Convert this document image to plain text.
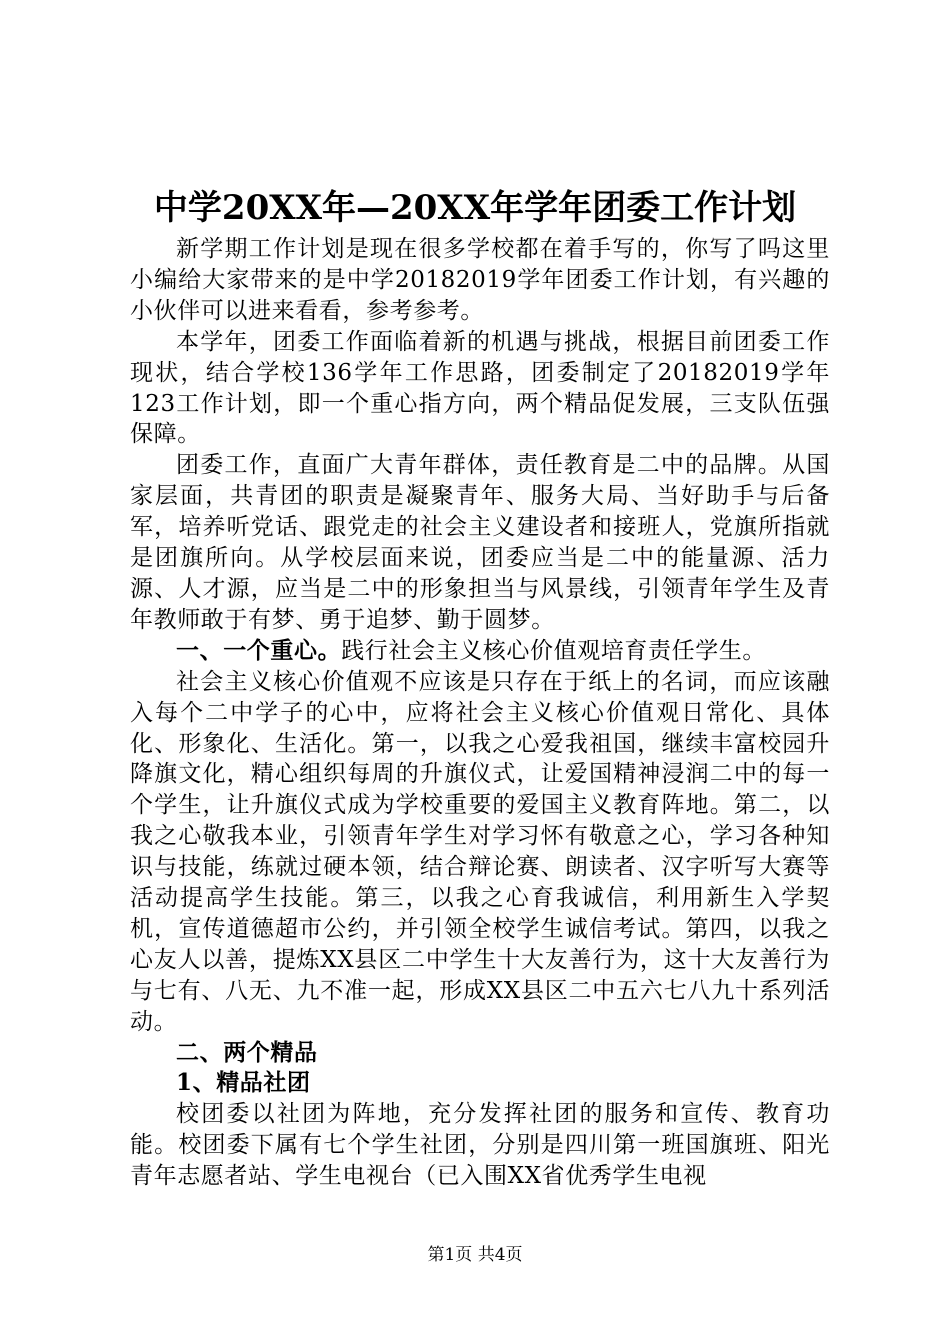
中学20XX年—20XX年学年团委工作计划

新学期工作计划是现在很多学校都在着手写的，你写了吗这里小编给大家带来的是中学20182019学年团委工作计划，有兴趣的小伙伴可以进来看看，参考参考。

本学年，团委工作面临着新的机遇与挑战，根据目前团委工作现状，结合学校136学年工作思路，团委制定了20182019学年123工作计划，即一个重心指方向，两个精品促发展，三支队伍强保障。

团委工作，直面广大青年群体，责任教育是二中的品牌。从国家层面，共青团的职责是凝聚青年、服务大局、当好助手与后备军，培养听党话、跟党走的社会主义建设者和接班人，党旗所指就是团旗所向。从学校层面来说，团委应当是二中的能量源、活力源、人才源，应当是二中的形象担当与风景线，引领青年学生及青年教师敢于有梦、勇于追梦、勤于圆梦。

一、一个重心。践行社会主义核心价值观培育责任学生。

社会主义核心价值观不应该是只存在于纸上的名词，而应该融入每个二中学子的心中，应将社会主义核心价值观日常化、具体化、形象化、生活化。第一，以我之心爱我祖国，继续丰富校园升降旗文化，精心组织每周的升旗仪式，让爱国精神浸润二中的每一个学生，让升旗仪式成为学校重要的爱国主义教育阵地。第二，以我之心敬我本业，引领青年学生对学习怀有敬意之心，学习各种知识与技能，练就过硬本领，结合辩论赛、朗读者、汉字听写大赛等活动提高学生技能。第三，以我之心育我诚信，利用新生入学契机，宣传道德超市公约，并引领全校学生诚信考试。第四，以我之心友人以善，提炼XX县区二中学生十大友善行为，这十大友善行为与七有、八无、九不准一起，形成XX县区二中五六七八九十系列活动。

二、两个精品

1、精品社团

校团委以社团为阵地，充分发挥社团的服务和宣传、教育功能。校团委下属有七个学生社团，分别是四川第一班国旗班、阳光青年志愿者站、学生电视台（已入围XX省优秀学生电视

第1页 共4页
